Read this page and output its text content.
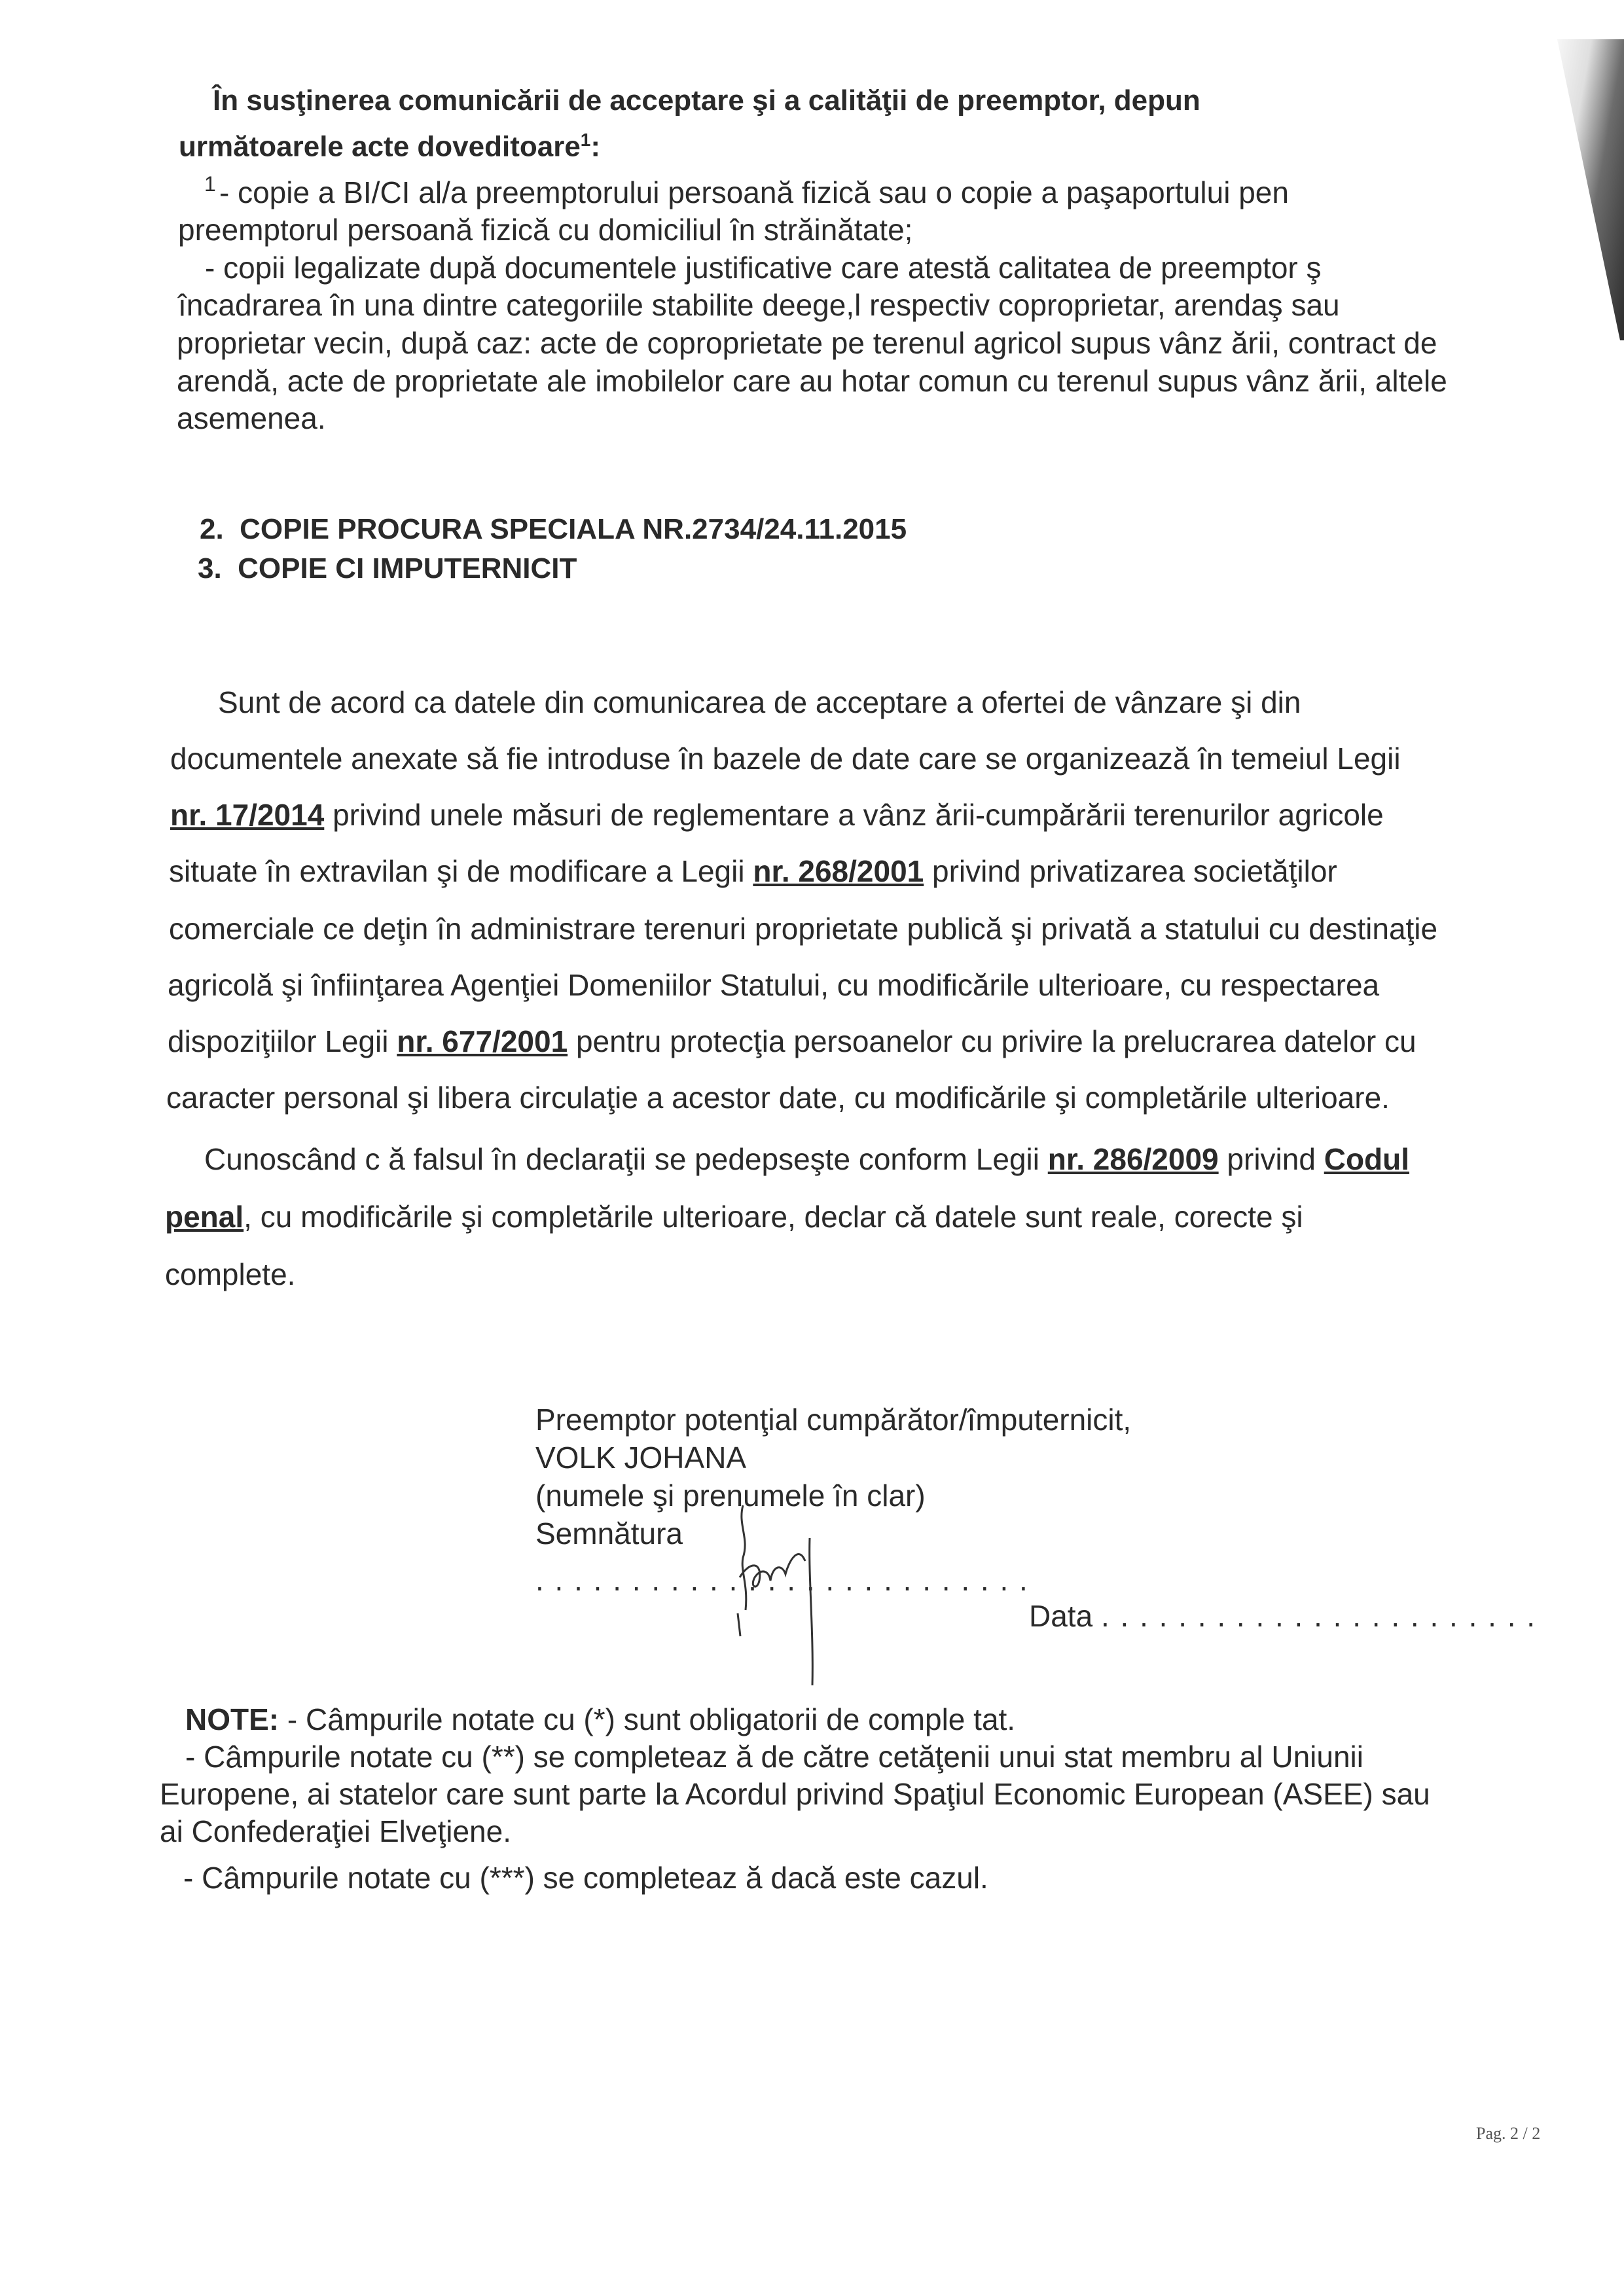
În susţinerea comunicării de acceptare şi a calităţii de preemptor, depun
următoarele acte doveditoare$^1$:
1 - copie a BI/CI al/a preemptorului persoană fizică sau o copie a paşaportului pen
preemptorul persoană fizică cu domiciliul în străinătate;
- copii legalizate după documentele justificative care atestă calitatea de preemptor ş
încadrarea în una dintre categoriile stabilite deege,l respectiv coproprietar, arendaş sau
proprietar vecin, după caz: acte de coproprietate pe terenul agricol supus vânz ării, contract de
arendă, acte de proprietate ale imobilelor care au hotar comun cu terenul supus vânz ării, altele
asemenea.
2. COPIE PROCURA SPECIALA NR.2734/24.11.2015
3. COPIE CI IMPUTERNICIT
Sunt de acord ca datele din comunicarea de acceptare a ofertei de vânzare şi din
documentele anexate să fie introduse în bazele de date care se organizează în temeiul Legii
nr. 17/2014 privind unele măsuri de reglementare a vânz ării-cumpărării terenurilor agricole
situate în extravilan şi de modificare a Legii nr. 268/2001 privind privatizarea societăţilor
comerciale ce deţin în administrare terenuri proprietate publică şi privată a statului cu destinaţie
agricolă şi înfiinţarea Agenţiei Domeniilor Statului, cu modificările ulterioare, cu respectarea
dispoziţiilor Legii nr. 677/2001 pentru protecţia persoanelor cu privire la prelucrarea datelor cu
caracter personal şi libera circulaţie a acestor date, cu modificările şi completările ulterioare.
Cunoscând c ă falsul în declaraţii se pedepseşte conform Legii nr. 286/2009 privind Codul
penal, cu modificările şi completările ulterioare, declar că datele sunt reale, corecte şi
complete.
Preemptor potenţial cumpărător/împuternicit,
VOLK JOHANA
(numele şi prenumele în clar)
Semnătura
. . . . . . . . . . . . . . . . . . . . . . . . . .
Data . . . . . . . . . . . . . . . . . . . . . . .
NOTE: - Câmpurile notate cu (*) sunt obligatorii de comple tat.
- Câmpurile notate cu (**) se completeaz ă de către cetăţenii unui stat membru al Uniunii
Europene, ai statelor care sunt parte la Acordul privind Spaţiul Economic European (ASEE) sau
ai Confederaţiei Elveţiene.
- Câmpurile notate cu (***) se completeaz ă dacă este cazul.
Pag. 2 / 2
